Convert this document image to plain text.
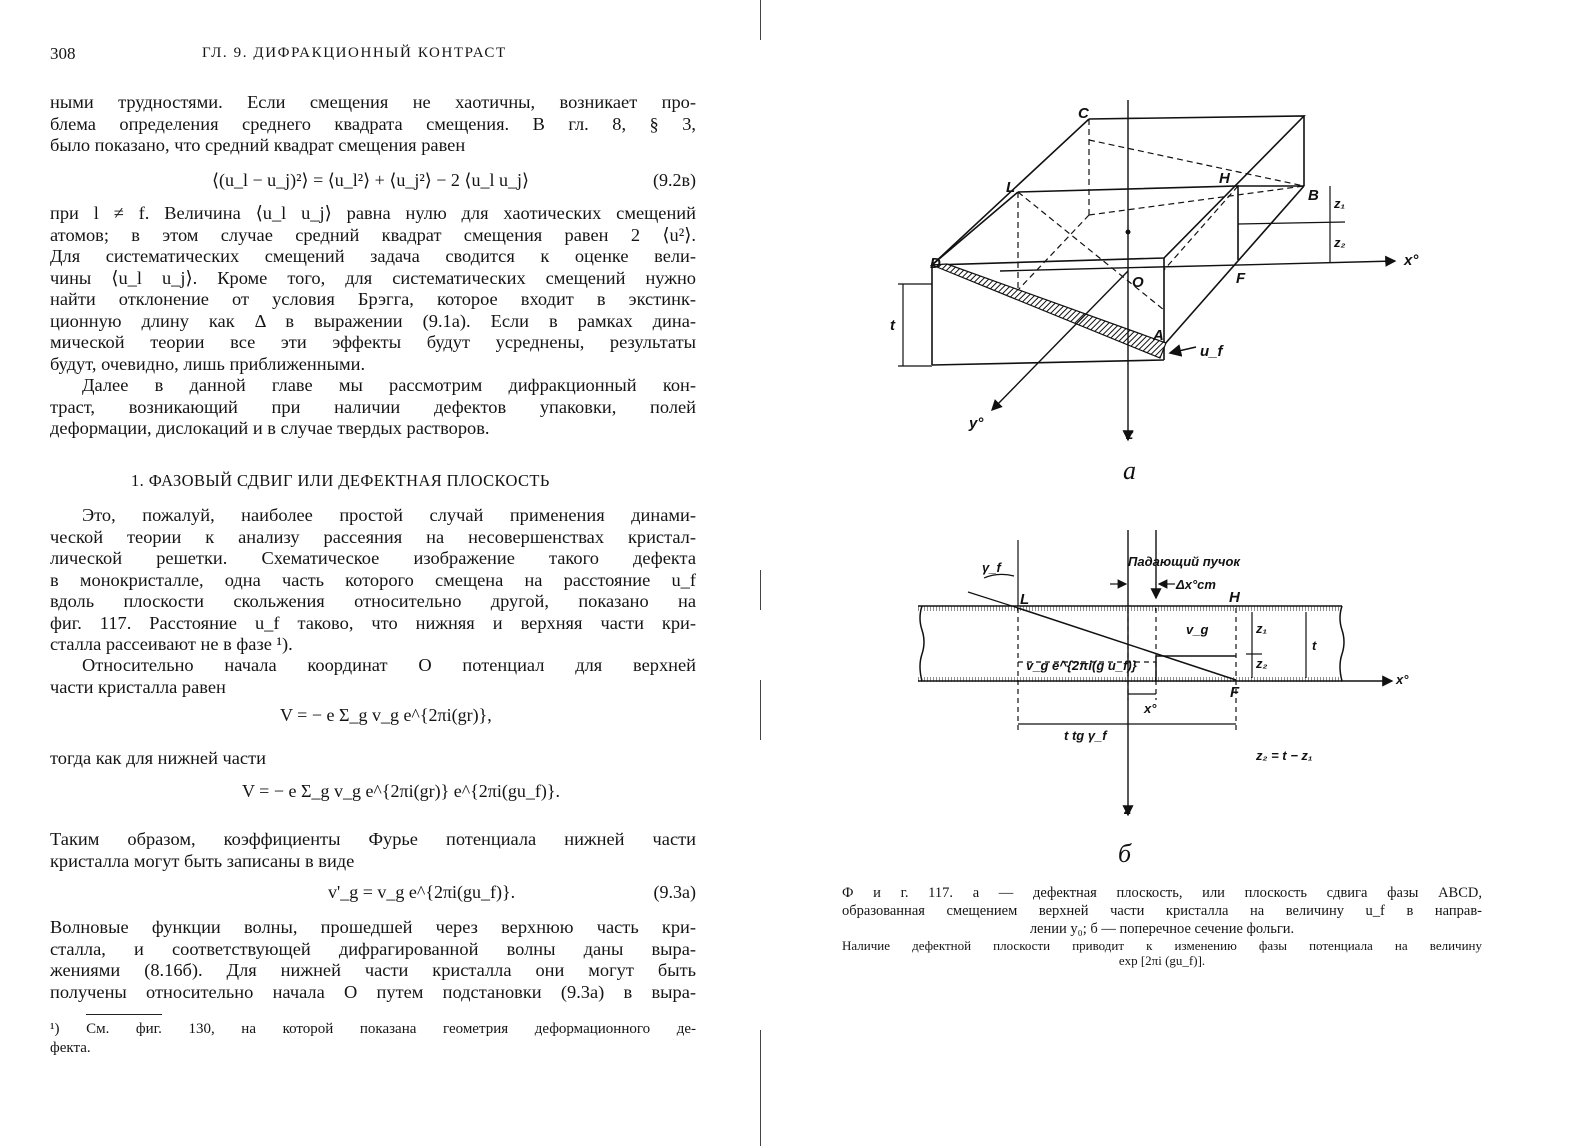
308	ГЛ. 9. ДИФРАКЦИОННЫЙ КОНТРАСТ
ными трудностями. Если смещения не хаотичны, возникает про-
блема определения среднего квадрата смещения. В гл. 8, § 3,
было показано, что средний квадрат смещения равен
⟨(u_l − u_j)²⟩ = ⟨u_l²⟩ + ⟨u_j²⟩ − 2 ⟨u_l u_j⟩	(9.2в)
при l ≠ f. Величина ⟨u_l u_j⟩ равна нулю для хаотических смещений
атомов; в этом случае средний квадрат смещения равен 2 ⟨u²⟩.
Для систематических смещений задача сводится к оценке вели-
чины ⟨u_l u_j⟩. Кроме того, для систематических смещений нужно
найти отклонение от условия Брэгга, которое входит в экстинк-
ционную длину как Δ в выражении (9.1а). Если в рамках дина-
мической теории все эти эффекты будут усреднены, результаты
будут, очевидно, лишь приближенными.
Далее в данной главе мы рассмотрим дифракционный кон-
траст, возникающий при наличии дефектов упаковки, полей
деформации, дислокаций и в случае твердых растворов.
1. ФАЗОВЫЙ СДВИГ ИЛИ ДЕФЕКТНАЯ ПЛОСКОСТЬ
Это, пожалуй, наиболее простой случай применения динами-
ческой теории к анализу рассеяния на несовершенствах кристал-
лической решетки. Схематическое изображение такого дефекта
в монокристалле, одна часть которого смещена на расстояние u_f
вдоль плоскости скольжения относительно другой, показано на
фиг. 117. Расстояние u_f таково, что нижняя и верхняя части кри-
сталла рассеивают не в фазе ¹).
Относительно начала координат O потенциал для верхней
части кристалла равен
V = − e Σ_g v_g e^{2πi(gr)},
тогда как для нижней части
V = − e Σ_g v_g e^{2πi(gr)} e^{2πi(gu_f)}.
Таким образом, коэффициенты Фурье потенциала нижней части
кристалла могут быть записаны в виде
v'_g = v_g e^{2πi(gu_f)}.	(9.3а)
Волновые функции волны, прошедшей через верхнюю часть кри-
сталла, и соответствующей дифрагированной волны даны выра-
жениями (8.16б). Для нижней части кристалла они могут быть
получены относительно начала O путем подстановки (9.3а) в выра-
¹) См. фиг. 130, на которой показана геометрия деформационного де-
фекта.
C
L
H
B
D
O	F
A
x°
y°
z
t
z₁
z₂
u_f
а
Падающий пучок
Δx°cm
γ_f
L	H
F
v_g
v_g e^{2πi(g u_f)}
z₁
z₂
t
x°
x°
t tg γ_f
z₂ = t − z₁
z
б
Ф и г. 117. а — дефектная плоскость, или плоскость сдвига фазы ABCD,
образованная смещением верхней части кристалла на величину u_f в направ-
лении y₀; б — поперечное сечение фольги.
Наличие дефектной плоскости приводит к изменению фазы потенциала на величину
exp [2πi (gu_f)].
